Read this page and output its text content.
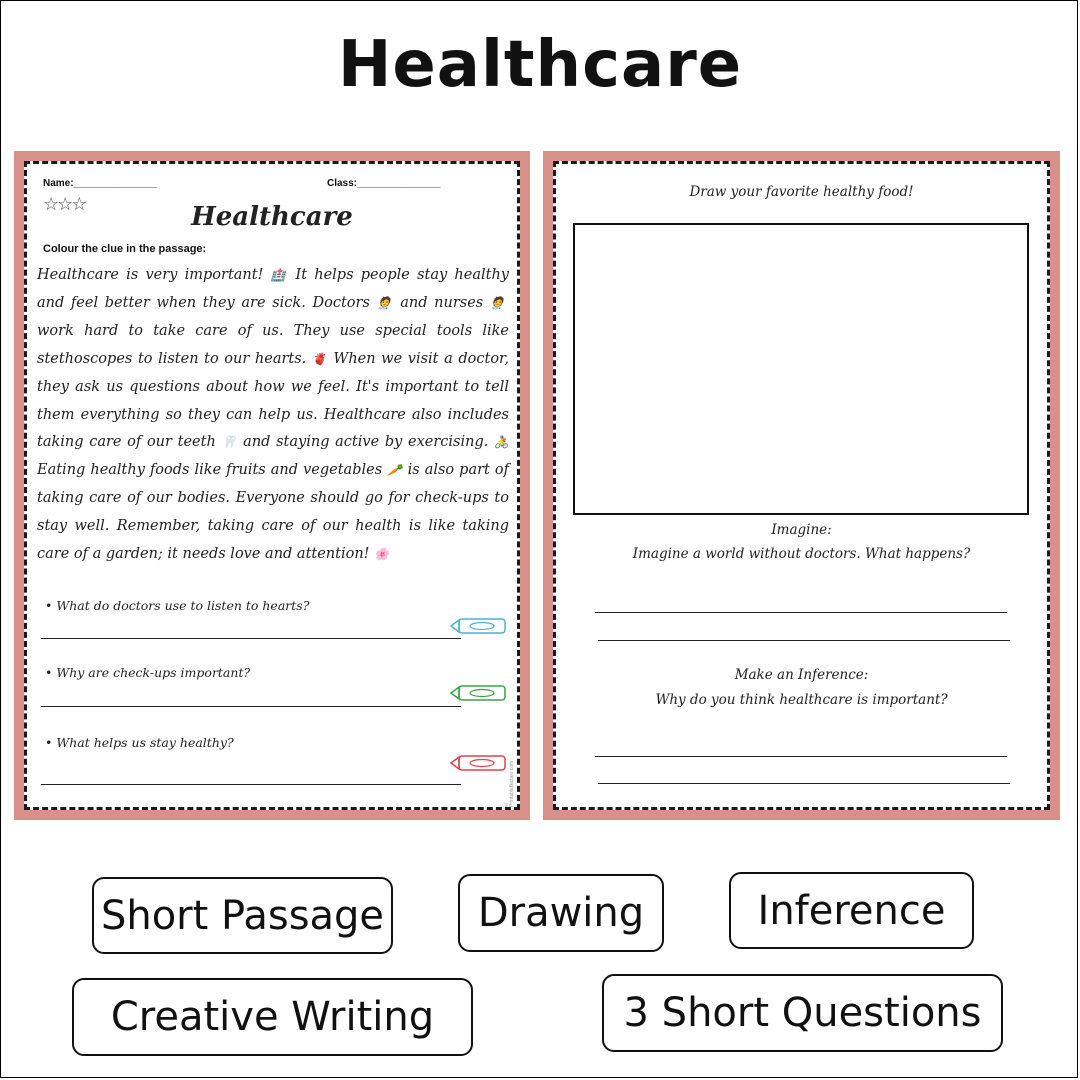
Healthcare
Name:_______________	Class:_______________
☆☆☆	Healthcare
Colour the clue in the passage:

Healthcare is very important! 🏥 It helps people stay healthy and feel better when they are sick. Doctors 🧑‍⚕️ and nurses 🧑‍⚕️ work hard to take care of us. They use special tools like stethoscopes to listen to our hearts. 🫀 When we visit a doctor, they ask us questions about how we feel. It's important to tell them everything so they can help us. Healthcare also includes taking care of our teeth 🦷 and staying active by exercising. 🚴 Eating healthy foods like fruits and vegetables 🥕 is also part of taking care of our bodies. Everyone should go for check-ups to stay well. Remember, taking care of our health is like taking care of a garden; it needs love and attention! 🌸

• What do doctors use to listen to hearts?
• Why are check-ups important?
• What helps us stay healthy?
© PrintableBazaar.com
Draw your favorite healthy food!
Imagine:
Imagine a world without doctors. What happens?
Make an Inference:
Why do you think healthcare is important?
Short Passage	Drawing	Inference
Creative Writing	3 Short Questions
